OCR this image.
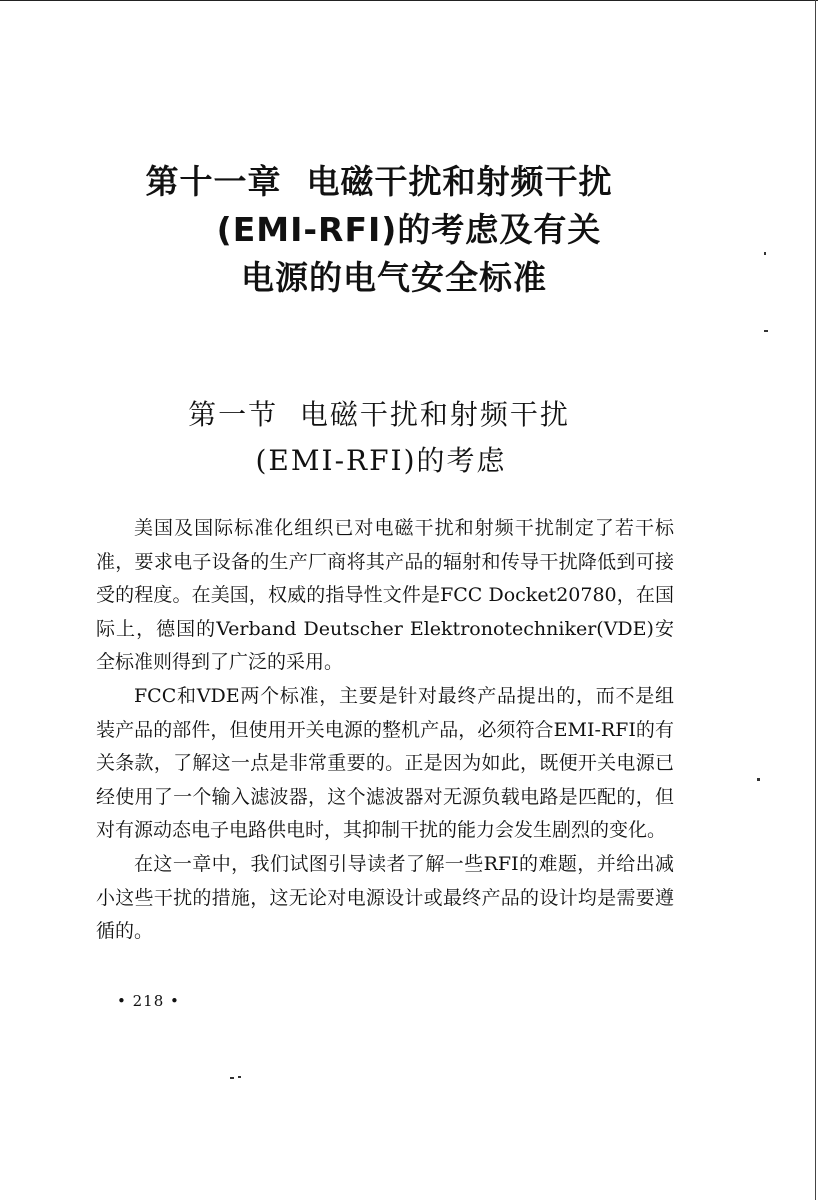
第十一章  电磁干扰和射频干扰
(EMI-RFI)的考虑及有关
电源的电气安全标准
第一节  电磁干扰和射频干扰
(EMI-RFI)的考虑

美国及国际标准化组织已对电磁干扰和射频干扰制定了若干标准，要求电子设备的生产厂商将其产品的辐射和传导干扰降低到可接受的程度。在美国，权威的指导性文件是FCC Docket20780，在国际上，德国的Verband Deutscher Elektronotechniker(VDE)安全标准则得到了广泛的采用。

FCC和VDE两个标准，主要是针对最终产品提出的，而不是组装产品的部件，但使用开关电源的整机产品，必须符合EMI-RFI的有关条款，了解这一点是非常重要的。正是因为如此，既便开关电源已经使用了一个输入滤波器，这个滤波器对无源负载电路是匹配的，但对有源动态电子电路供电时，其抑制干扰的能力会发生剧烈的变化。

在这一章中，我们试图引导读者了解一些RFI的难题，并给出减小这些干扰的措施，这无论对电源设计或最终产品的设计均是需要遵循的。

• 218 •
